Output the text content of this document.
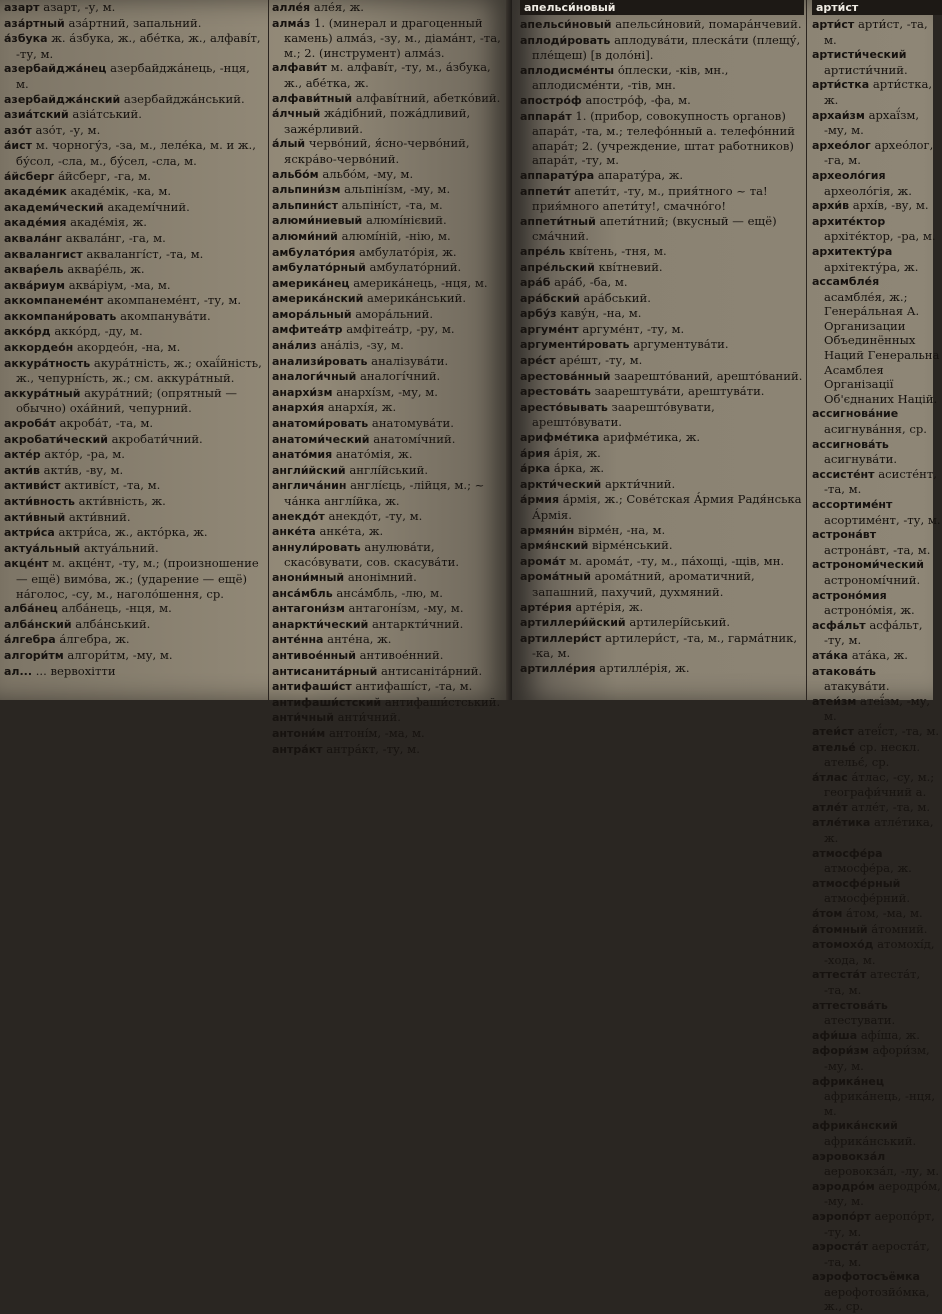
азарт азарт, -у, м.

аза́ртный аза́ртний, запальний.

а́збука ж. а́збука, ж., абе́тка, ж., алфаві́т, -ту, м.

азербайджа́нец азербайджа́нець, -нця, м.

азербайджа́нский азербайджа́нський.

азиа́тский азіа́тський.

азо́т азо́т, -у, м.

а́ист м. чорногу́з, -за, м., леле́ка, м. и ж., бу́сол, -сла, м., бу́сел, -сла, м.

а́йсберг а́йсберг, -га, м.

акаде́мик акаде́мік, -ка, м.

академи́ческий академі́чний.

акаде́мия акаде́мія, ж.

аквала́нг аквала́нг, -га, м.

аквалангист аквалангі́ст, -та, м.

аквар́ель аквар́е́ль, ж.

аква́риум аква́ріум, -ма, м.

аккомпанеме́нт акомпанеме́нт, -ту, м.

аккомпани́ровать акомпанува́ти.

акко́рд акко́рд, -ду, м.

аккордео́н акордео́н, -на, м.

аккура́тность акура́тність, ж.; охаї́йність, ж., чепурні́сть, ж.; см. аккура́тный.

аккура́тный акура́тний; (опрятный — обычно) оха́йний, чепурний.

акроба́т акроба́т, -та, м.

акробати́ческий акробати́чний.

акте́р акто́р, -ра, м.

акти́в акти́в, -ву, м.

активи́ст активі́ст, -та, м.

акти́вность акти́вність, ж.

акти́вный акти́вний.

актри́са актри́са, ж., акто́рка, ж.

актуа́льный актуа́льний.

акце́нт м. акце́нт, -ту, м.; (произношение — ещё) вимо́ва, ж.; (ударение — ещё) на́голос, -су, м., наголо́шення, ср.

алба́нец алба́нець, -нця, м.

алба́нский алба́нський.

а́лгебра а́лгебра, ж.

алгори́тм алгори́тм, -му, м.

ал... ... вервохітти

алле́я але́я, ж.

алма́з 1. (минерал и драгоценный камень) алма́з, -зу, м., діама́нт, -та, м.; 2. (инструмент) алма́з.

алфави́т м. алфаві́т, -ту, м., а́збука, ж., абе́тка, ж.

алфави́тный алфаві́тний, абетко́вий.

а́лчный жа́дібний, пожа́дливий, заже́рливий.

а́лый черво́ний, я́сно-черво́ний, яскра́во-черво́ний.

альбо́м альбо́м, -му, м.

альпини́зм альпіні́зм, -му, м.

альпини́ст альпіні́ст, -та, м.

алюми́ниевый алюмі́нієвий.

алюми́ний алюмі́ній, -нію, м.

амбулато́рия амбулато́рія, ж.

амбулато́рный амбулато́рний.

америка́нец америка́нець, -нця, м.

америка́нский америка́нський.

амора́льный амора́льний.

амфитеа́тр амфітеа́тр, -ру, м.

ана́лиз ана́ліз, -зу, м.

анализи́ровать аналізува́ти.

аналоги́чный аналогі́чний.

анархи́зм анархі́зм, -му, м.

анархи́я анархі́я, ж.

анатоми́ровать анатомува́ти.

анатоми́ческий анатомі́чний.

анато́мия анато́мія, ж.

англи́йский англі́йський.

англича́нин англі́єць, -лійця, м.; ~ ча́нка англі́йка, ж.

анекдо́т анекдо́т, -ту, м.

анке́та анке́та, ж.

аннули́ровать анулюва́ти, скасо́вувати, сов. скасува́ти.

анони́мный анонімний.

анса́мбль анса́мбль, -лю, м.

антагони́зм антагоні́зм, -му, м.

анаркти́ческий антаркти́чний.

анте́нна анте́на, ж.

антивое́нный антивое́нний.

антисанита́рный антисаніта́рний.

антифаши́ст антифаші́ст, -та, м.

антифаши́стский антифаши́стський.

анти́чный анти́чний.

антони́м антоні́м, -ма, м.

антра́кт антра́кт, -ту, м.

апельси́новый

апельси́новый апельси́новий, помара́нчевий.

аплоди́ровать аплодува́ти, плеска́ти (плещу́, пле́щеш) [в доло́ні].

аплодисме́нты о́плески, -ків, мн., аплодисме́нти, -тів, мн.

апостро́ф апостро́ф, -фа, м.

аппара́т 1. (прибор, совокупность органов) апара́т, -та, м.; телефо́нный а. телефо́нний апара́т; 2. (учреждение, штат работников) апара́т, -ту, м.

аппарату́ра апарату́ра, ж.

аппети́т апети́т, -ту, м., прия́тного ~ та! прия́много апети́ту!, смачно́го!

аппети́тный апети́тний; (вкусный — ещё) сма́чний.

апре́ль кві́тень, -тня, м.

апре́льский кві́тневий.

ара́б ара́б, -ба, м.

ара́бский ара́бський.

арбу́з каву́н, -на, м.

аргуме́нт аргуме́нт, -ту, м.

аргументи́ровать аргументува́ти.

аре́ст аре́шт, -ту, м.

арестова́нный заарешто́ваний, арешто́ваний.

арестова́ть заарештува́ти, арештува́ти.

аресто́вывать заарешто́вувати, арешто́вувати.

арифме́тика арифме́тика, ж.

а́рия а́рія, ж.

а́рка а́рка, ж.

аркти́ческий аркти́чний.

а́рмия а́рмія, ж.; Сове́тская А́рмия Радя́нська А́рмія.

армяни́н вірме́н, -на, м.

армя́нский вірме́нський.

арома́т м. арома́т, -ту, м., па́хощі, -щів, мн.

арома́тный арома́тний, ароматичний, запашний, пахучий, духмяний.

арте́рия арте́рія, ж.

артиллери́йский артилері́йський.

артиллери́ст артилери́ст, -та, м., гарма́тник, -ка, м.

артилле́рия артилле́рія, ж.

арти́ст

арти́ст арти́ст, -та, м.

артисти́ческий артисти́чний.

арти́стка арти́стка, ж.

архаи́зм архаї́зм, -му, м.

архео́лог архео́лог, -га, м.

археоло́гия археоло́гія, ж.

архи́в архі́в, -ву, м.

архите́ктор архіте́ктор, -ра, м.

архитекту́ра архітекту́ра, ж.

ассамбле́я асамбле́я, ж.; Генера́льная А. Организации Объединённых Наций Генеральна Асамблея Організації Об'єднаних Націй.

ассигнова́ние асигнува́ння, ср.

ассигнова́ть асигнува́ти.

ассисте́нт асисте́нт, -та, м.

ассортиме́нт асортиме́нт, -ту, м.

астрона́вт астрона́вт, -та, м.

астрономи́ческий астрономі́чний.

астроно́мия астроно́мія, ж.

асфа́льт асфа́льт, -ту, м.

ата́ка ата́ка, ж.

атакова́ть атакува́ти.

атеи́зм атеї́зм, -му, м.

атеи́ст атеї́ст, -та, м.

ателье́ ср. нескл. ательє́, ср.

а́тлас а́тлас, -су, м.; географи́чний а.

атле́т атле́т, -та, м.

атле́тика атле́тика, ж.

атмосфе́ра атмосфе́ра, ж.

атмосфе́рный атмосфе́рний.

а́том а́том, -ма, м.

а́томный а́томний.

атомохо́д атомохі́д, -хода, м.

аттеста́т атеста́т, -та, м.

аттестова́ть атестувати.

афи́ша афі́ша, ж.

афори́зм афори́зм, -му, м.

африка́нец африка́нець, -нця, м.

африка́нский африка́нський.

аэровокза́л аеровокза́л, -лу, м.

аэродро́м аеродро́м, -му, м.

аэропо́рт аеропо́рт, -ту, м.

аэроста́т аероста́т, -та, м.

аэрофотосъёмка аерофотозйо́мка, ж., ср.
